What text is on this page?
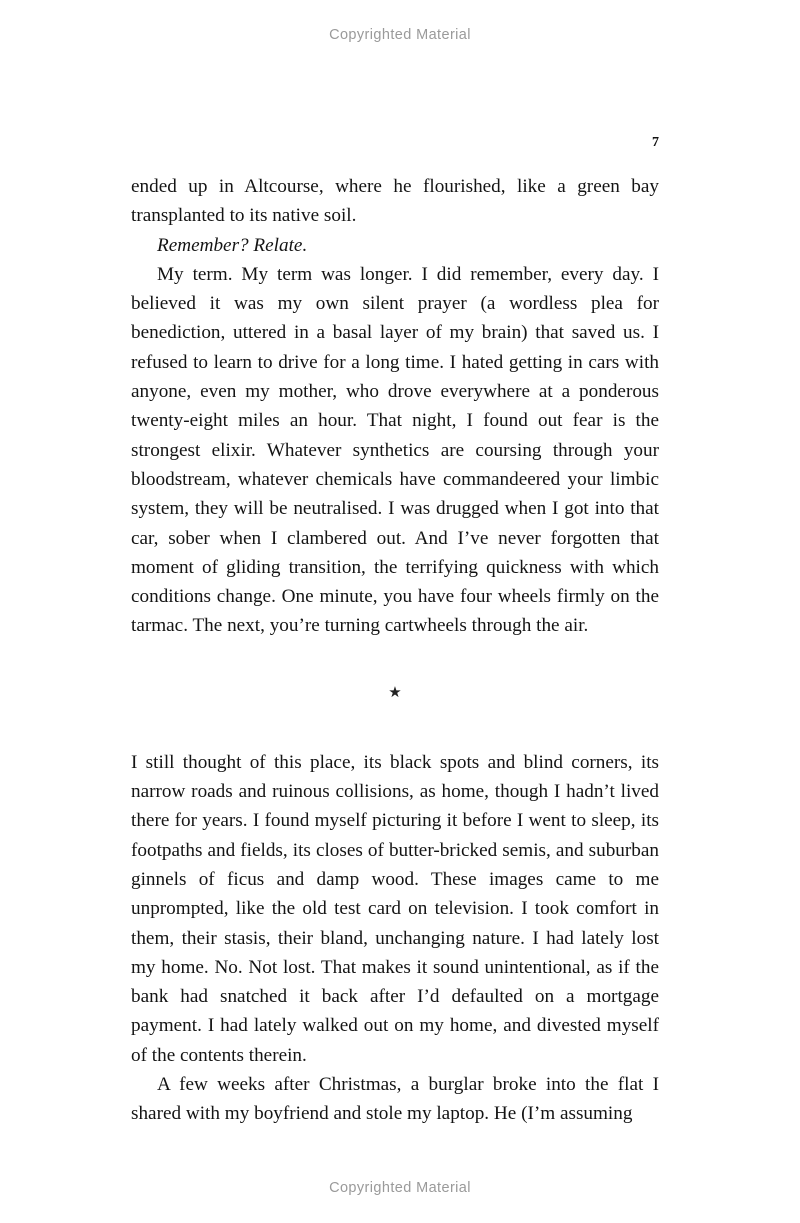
Copyrighted Material
7

ended up in Altcourse, where he flourished, like a green bay transplanted to its native soil.

Remember? Relate.

My term. My term was longer. I did remember, every day. I believed it was my own silent prayer (a wordless plea for benediction, uttered in a basal layer of my brain) that saved us. I refused to learn to drive for a long time. I hated getting in cars with anyone, even my mother, who drove everywhere at a ponderous twenty-eight miles an hour. That night, I found out fear is the strongest elixir. Whatever synthetics are coursing through your bloodstream, whatever chemicals have commandeered your limbic system, they will be neutralised. I was drugged when I got into that car, sober when I clambered out. And I’ve never forgotten that moment of gliding transition, the terrifying quickness with which conditions change. One minute, you have four wheels firmly on the tarmac. The next, you’re turning cartwheels through the air.

★

I still thought of this place, its black spots and blind corners, its narrow roads and ruinous collisions, as home, though I hadn’t lived there for years. I found myself picturing it before I went to sleep, its footpaths and fields, its closes of butter-bricked semis, and suburban ginnels of ficus and damp wood. These images came to me unprompted, like the old test card on television. I took comfort in them, their stasis, their bland, unchanging nature. I had lately lost my home. No. Not lost. That makes it sound unintentional, as if the bank had snatched it back after I’d defaulted on a mortgage payment. I had lately walked out on my home, and divested myself of the contents therein.

A few weeks after Christmas, a burglar broke into the flat I shared with my boyfriend and stole my laptop. He (I’m assuming

Copyrighted Material
